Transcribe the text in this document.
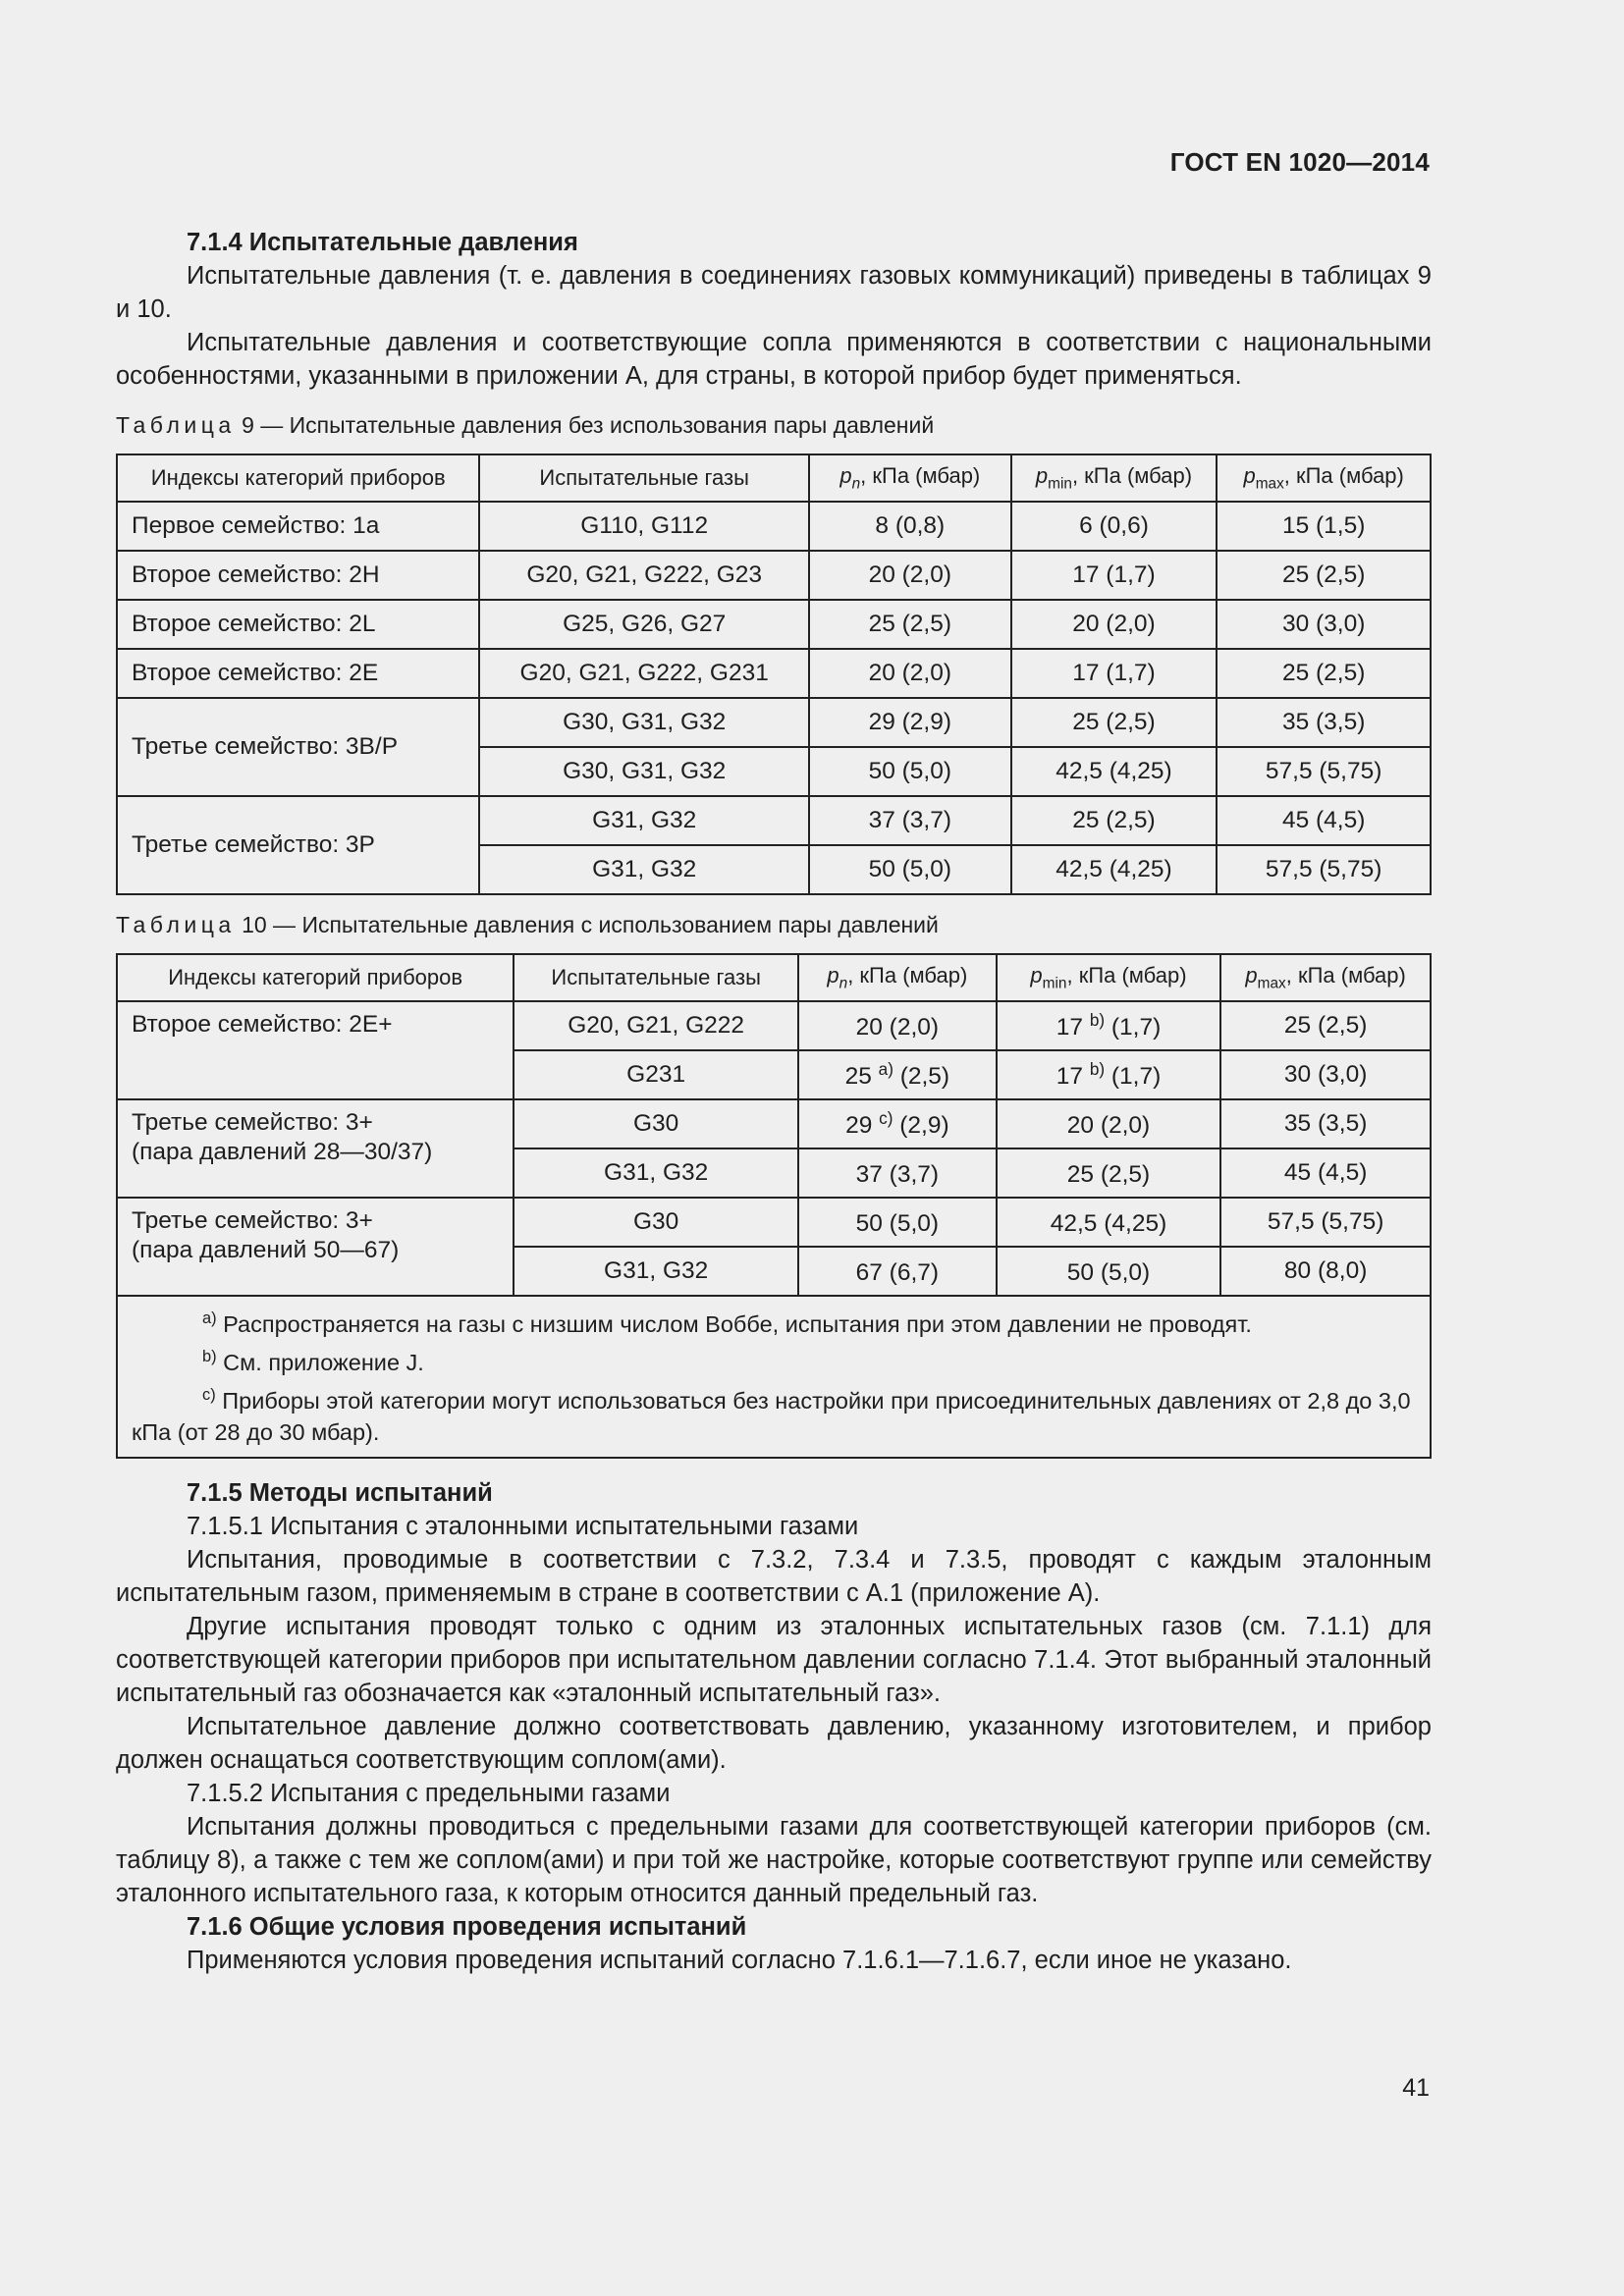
ГОСТ EN 1020—2014

7.1.4 Испытательные давления

Испытательные давления (т. е. давления в соединениях газовых коммуникаций) приведены в таблицах 9 и 10.

Испытательные давления и соответствующие сопла применяются в соответствии с национальными особенностями, указанными в приложении А, для страны, в которой прибор будет применяться.

Таблица 9 — Испытательные давления без использования пары давлений
Индексы категорий приборов	Испытательные газы	$p_n$, кПа (мбар)	$p_{min}$, кПа (мбар)	$p_{max}$, кПа (мбар)
Первое семейство: 1а	G110, G112	8 (0,8)	6 (0,6)	15 (1,5)
Второе семейство: 2H	G20, G21, G222, G23	20 (2,0)	17 (1,7)	25 (2,5)
Второе семейство: 2L	G25, G26, G27	25 (2,5)	20 (2,0)	30 (3,0)
Второе семейство: 2E	G20, G21, G222, G231	20 (2,0)	17 (1,7)	25 (2,5)
Третье семейство: 3В/Р	G30, G31, G32	29 (2,9)	25 (2,5)	35 (3,5)
	G30, G31, G32	50 (5,0)	42,5 (4,25)	57,5 (5,75)
Третье семейство: 3Р	G31, G32	37 (3,7)	25 (2,5)	45 (4,5)
	G31, G32	50 (5,0)	42,5 (4,25)	57,5 (5,75)
Таблица 10 — Испытательные давления с использованием пары давлений
Индексы категорий приборов	Испытательные газы	$p_n$, кПа (мбар)	$p_{min}$, кПа (мбар)	$p_{max}$, кПа (мбар)

Второе семейство: 2Е+	G20, G21, G222	20 (2,0)	17 $^{b)}$ (1,7)	25 (2,5)
	G231	25 $^{a)}$ (2,5)	17 $^{b)}$ (1,7)	30 (3,0)

Третье семейство: 3+
(пара давлений 28—30/37)	G30	29 $^{c)}$ (2,9)	20 (2,0)	35 (3,5)
	G31, G32	37 (3,7)	25 (2,5)	45 (4,5)

Третье семейство: 3+
(пара давлений 50—67)	G30	50 (5,0)	42,5 (4,25)	57,5 (5,75)
	G31, G32	67 (6,7)	50 (5,0)	80 (8,0)

$^{a)}$ Распространяется на газы с низшим числом Воббе, испытания при этом давлении не проводят.
$^{b)}$ См. приложение J.
$^{c)}$ Приборы этой категории могут использоваться без настройки при присоединительных давлениях от 2,8 до 3,0 кПа (от 28 до 30 мбар).				

7.1.5 Методы испытаний

7.1.5.1 Испытания с эталонными испытательными газами

Испытания, проводимые в соответствии с 7.3.2, 7.3.4 и 7.3.5, проводят с каждым эталонным испытательным газом, применяемым в стране в соответствии с А.1 (приложение А).

Другие испытания проводят только с одним из эталонных испытательных газов (см. 7.1.1) для соответствующей категории приборов при испытательном давлении согласно 7.1.4. Этот выбранный эталонный испытательный газ обозначается как «эталонный испытательный газ».

Испытательное давление должно соответствовать давлению, указанному изготовителем, и прибор должен оснащаться соответствующим соплом(ами).

7.1.5.2 Испытания с предельными газами

Испытания должны проводиться с предельными газами для соответствующей категории приборов (см. таблицу 8), а также с тем же соплом(ами) и при той же настройке, которые соответствуют группе или семейству эталонного испытательного газа, к которым относится данный предельный газ.

7.1.6 Общие условия проведения испытаний

Применяются условия проведения испытаний согласно 7.1.6.1—7.1.6.7, если иное не указано.

41
